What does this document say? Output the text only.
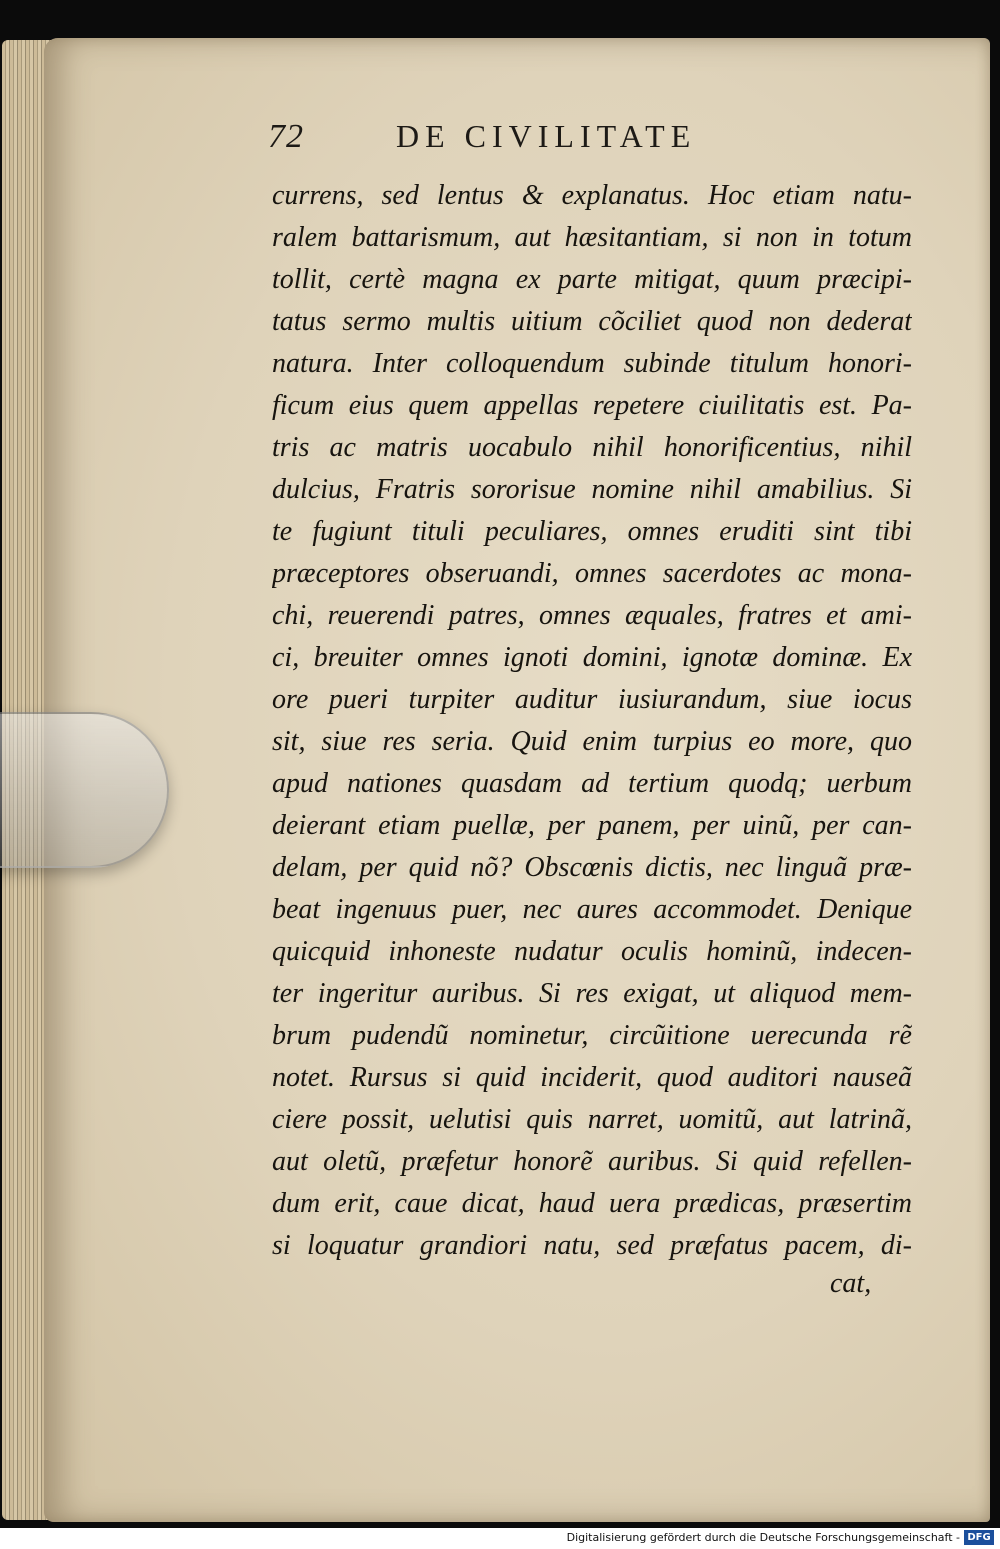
72	DE CIVILITATE
currens, sed lentus & explanatus. Hoc etiam natu-
ralem battarismum, aut hæsitantiam, si non in totum
tollit, certè magna ex parte mitigat, quum præcipi-
tatus sermo multis uitium cõciliet quod non dederat
natura. Inter colloquendum subinde titulum honori-
ficum eius quem appellas repetere ciuilitatis est. Pa-
tris ac matris uocabulo nihil honorificentius, nihil
dulcius, Fratris sororisue nomine nihil amabilius. Si
te fugiunt tituli peculiares, omnes eruditi sint tibi
præceptores obseruandi, omnes sacerdotes ac mona-
chi, reuerendi patres, omnes æquales, fratres et ami-
ci, breuiter omnes ignoti domini, ignotæ dominæ. Ex
ore pueri turpiter auditur iusiurandum, siue iocus
sit, siue res seria. Quid enim turpius eo more, quo
apud nationes quasdam ad tertium quodq; uerbum
deierant etiam puellæ, per panem, per uinũ, per can-
delam, per quid nõ? Obscœnis dictis, nec linguã præ-
beat ingenuus puer, nec aures accommodet. Denique
quicquid inhoneste nudatur oculis hominũ, indecen-
ter ingeritur auribus. Si res exigat, ut aliquod mem-
brum pudendũ nominetur, circũitione uerecunda rẽ
notet. Rursus si quid inciderit, quod auditori nauseã
ciere possit, uelutisi quis narret, uomitũ, aut latrinã,
aut oletũ, præfetur honorẽ auribus. Si quid refellen-
dum erit, caue dicat, haud uera prædicas, præsertim
si loquatur grandiori natu, sed præfatus pacem, di-
cat,
Digitalisierung gefördert durch die Deutsche Forschungsgemeinschaft - DFG
